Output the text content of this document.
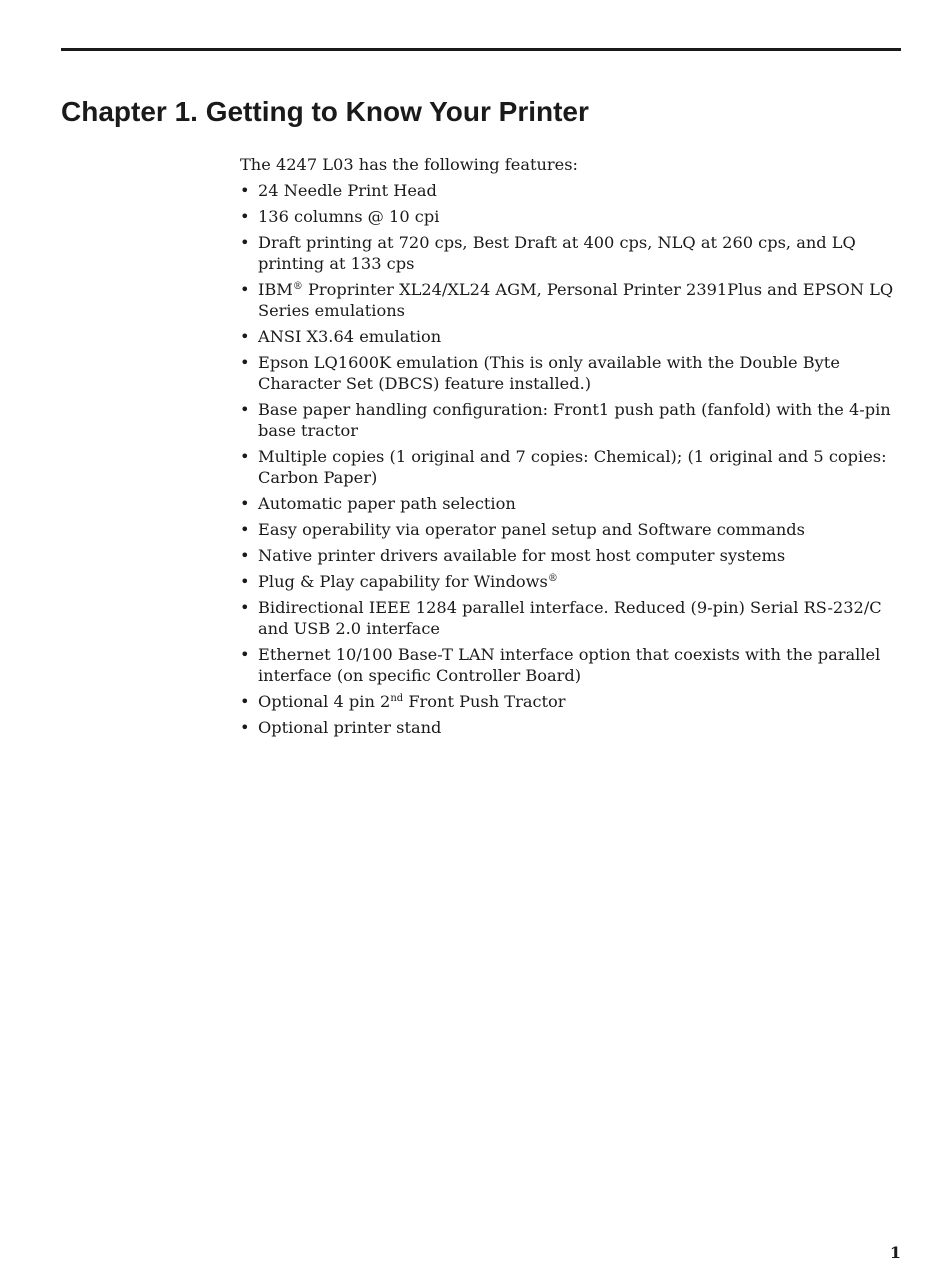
Chapter 1. Getting to Know Your Printer

The 4247 L03 has the following features:

• 24 Needle Print Head
• 136 columns @ 10 cpi
• Draft printing at 720 cps, Best Draft at 400 cps, NLQ at 260 cps, and LQ printing at 133 cps
• IBM® Proprinter XL24/XL24 AGM, Personal Printer 2391Plus and EPSON LQ Series emulations
• ANSI X3.64 emulation
• Epson LQ1600K emulation (This is only available with the Double Byte Character Set (DBCS) feature installed.)
• Base paper handling configuration: Front1 push path (fanfold) with the 4-pin base tractor
• Multiple copies (1 original and 7 copies: Chemical); (1 original and 5 copies: Carbon Paper)
• Automatic paper path selection
• Easy operability via operator panel setup and Software commands
• Native printer drivers available for most host computer systems
• Plug & Play capability for Windows®
• Bidirectional IEEE 1284 parallel interface. Reduced (9-pin) Serial RS-232/C and USB 2.0 interface
• Ethernet 10/100 Base-T LAN interface option that coexists with the parallel interface (on specific Controller Board)
• Optional 4 pin 2nd Front Push Tractor
• Optional printer stand
1
